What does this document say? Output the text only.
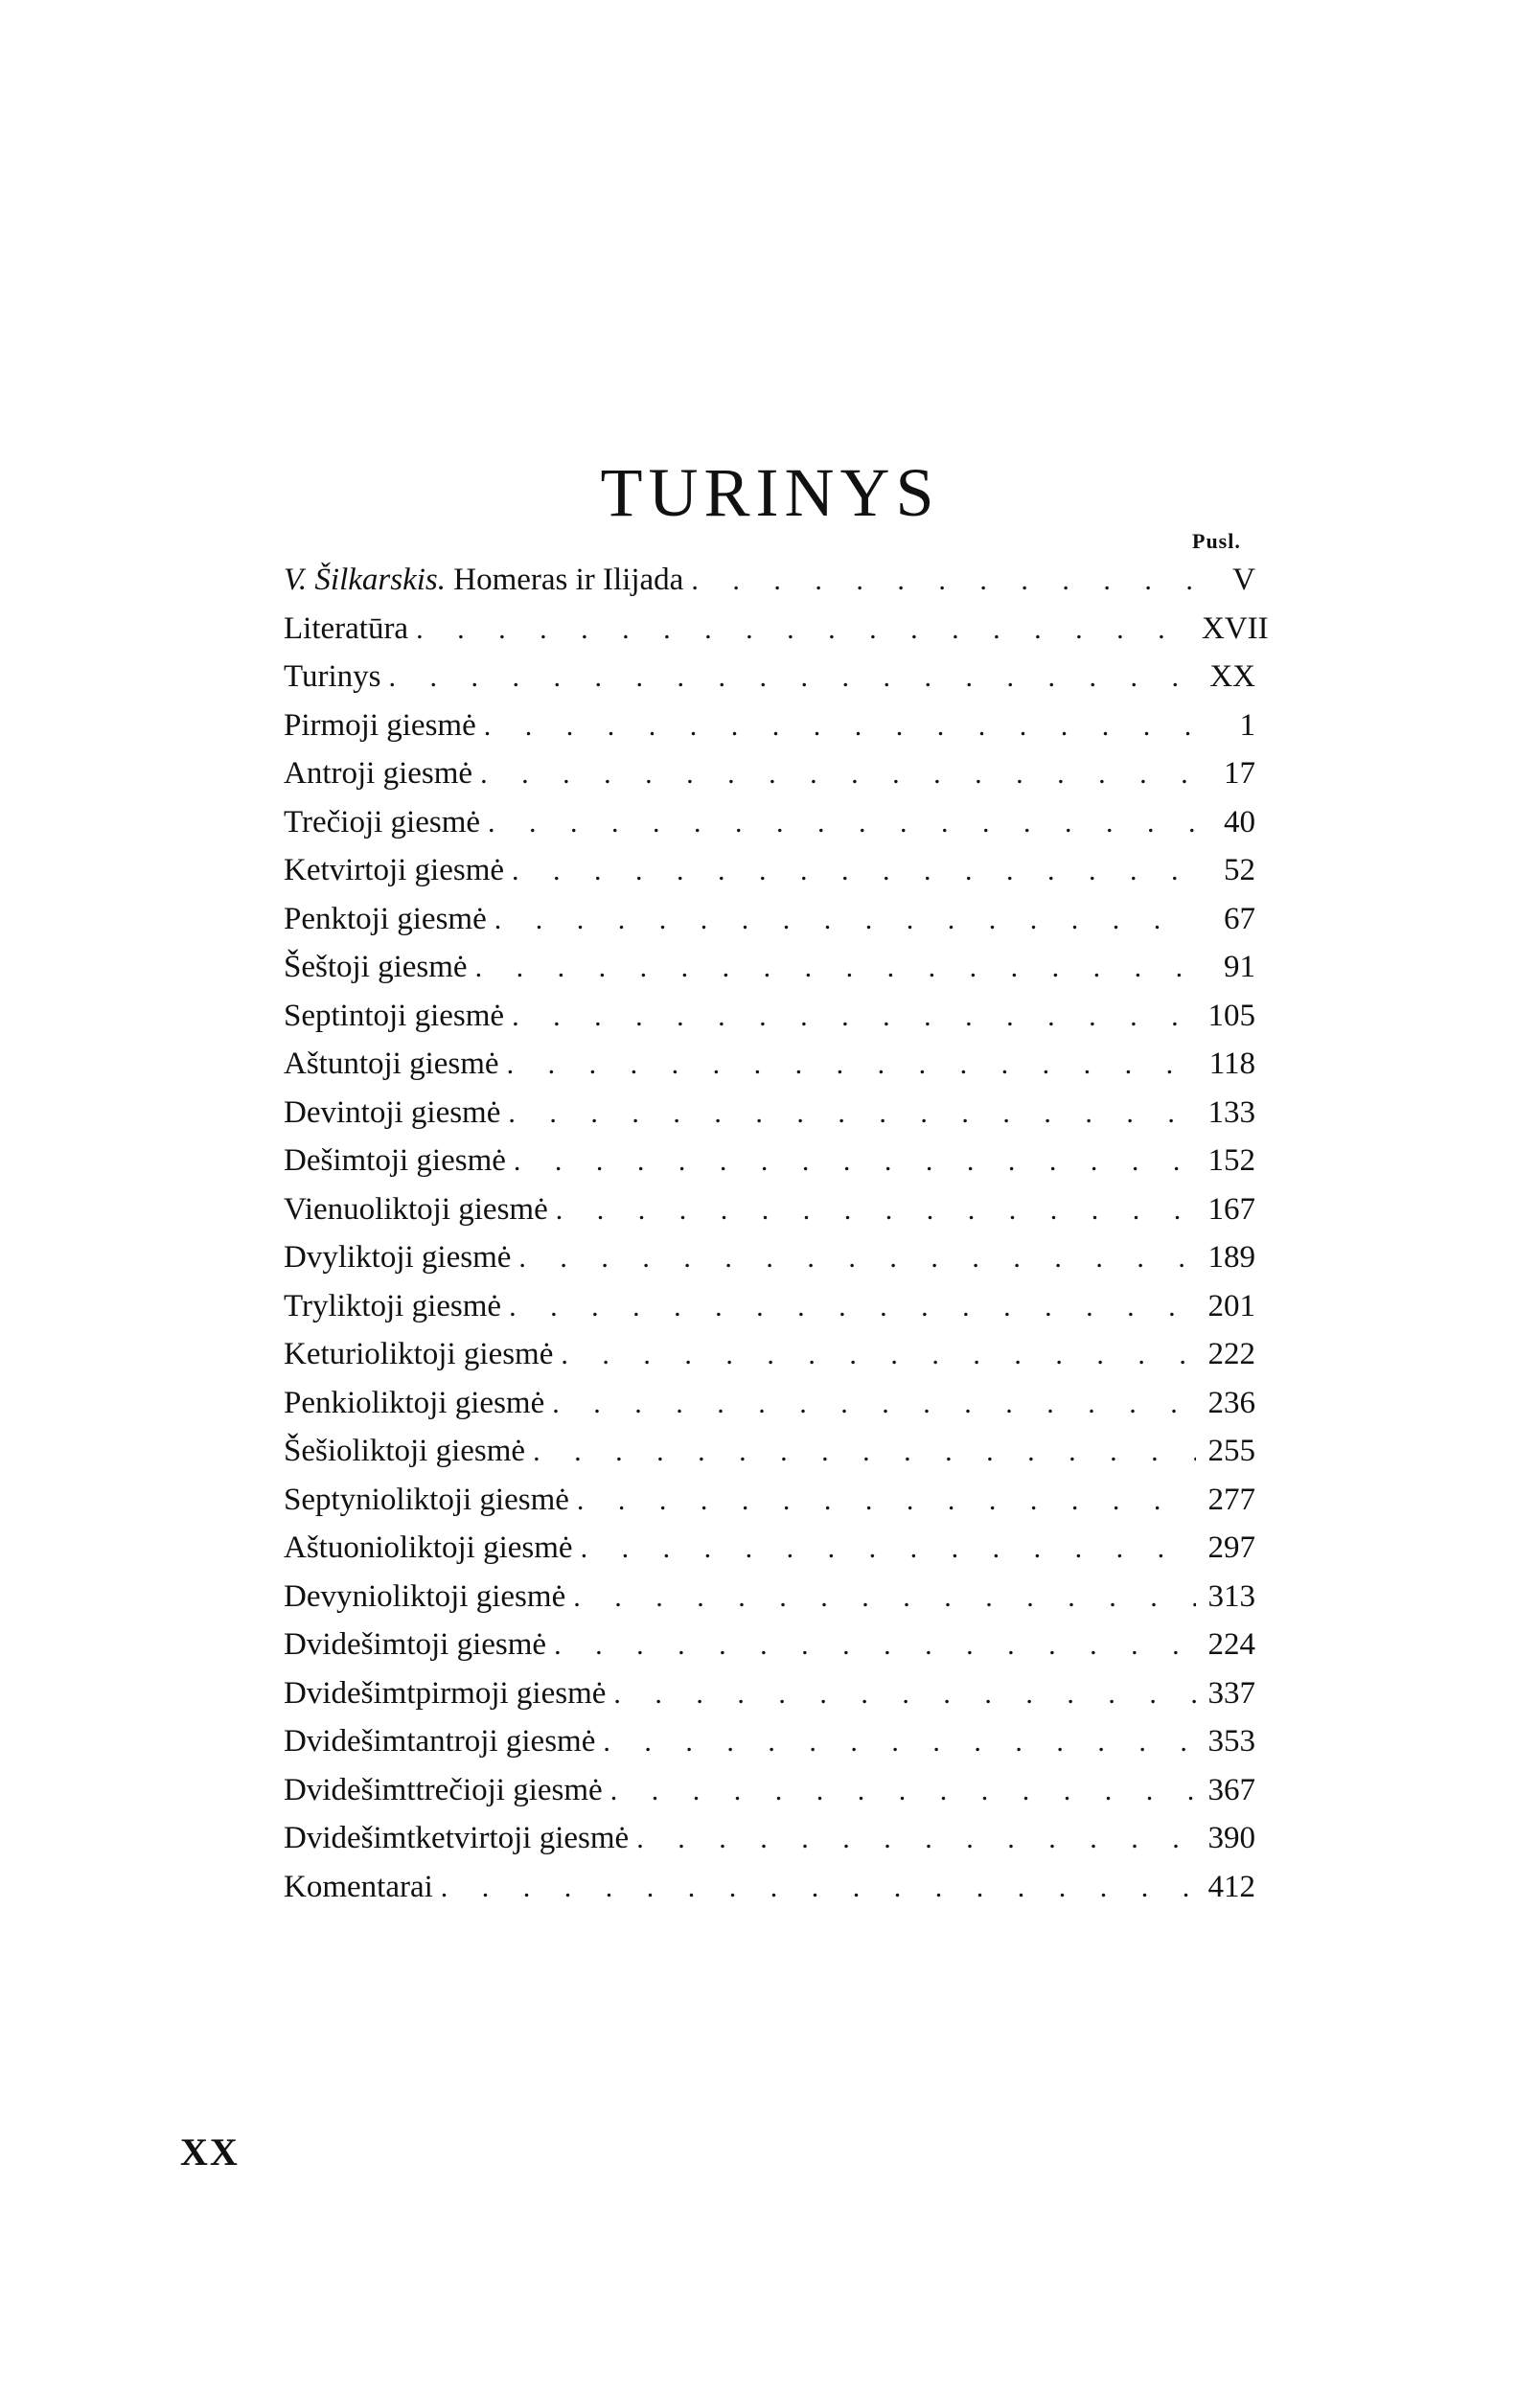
TURINYS
Pusl.
V. Šilkarskis. Homeras ir Ilijada . . .	V
Literatūra . . .	XVII
Turinys . . .	XX
Pirmoji giesmė . . .	1
Antroji giesmė . . .	17
Trečioji giesmė . . .	40
Ketvirtoji giesmė . . .	52
Penktoji giesmė . . .	67
Šeštoji giesmė . . .	91
Septintoji giesmė . . .	105
Aštuntoji giesmė . . .	118
Devintoji giesmė . . .	133
Dešimtoji giesmė . . .	152
Vienuoliktoji giesmė . . .	167
Dvyliktoji giesmė . . .	189
Tryliktoji giesmė . . .	201
Keturioliktoji giesmė . . .	222
Penkioliktoji giesmė . . .	236
Šešioliktoji giesmė . . .	255
Septynioliktoji giesmė . . .	277
Aštuonioliktoji giesmė . . .	297
Devynioliktoji giesmė . . .	313
Dvidešimtoji giesmė . . .	224
Dvidešimtpirmoji giesmė . . .	337
Dvidešimtantroji giesmė . . .	353
Dvidešimttrečioji giesmė . . .	367
Dvidešimtketvirtoji giesmė . . .	390
Komentarai . . .	412
XX
